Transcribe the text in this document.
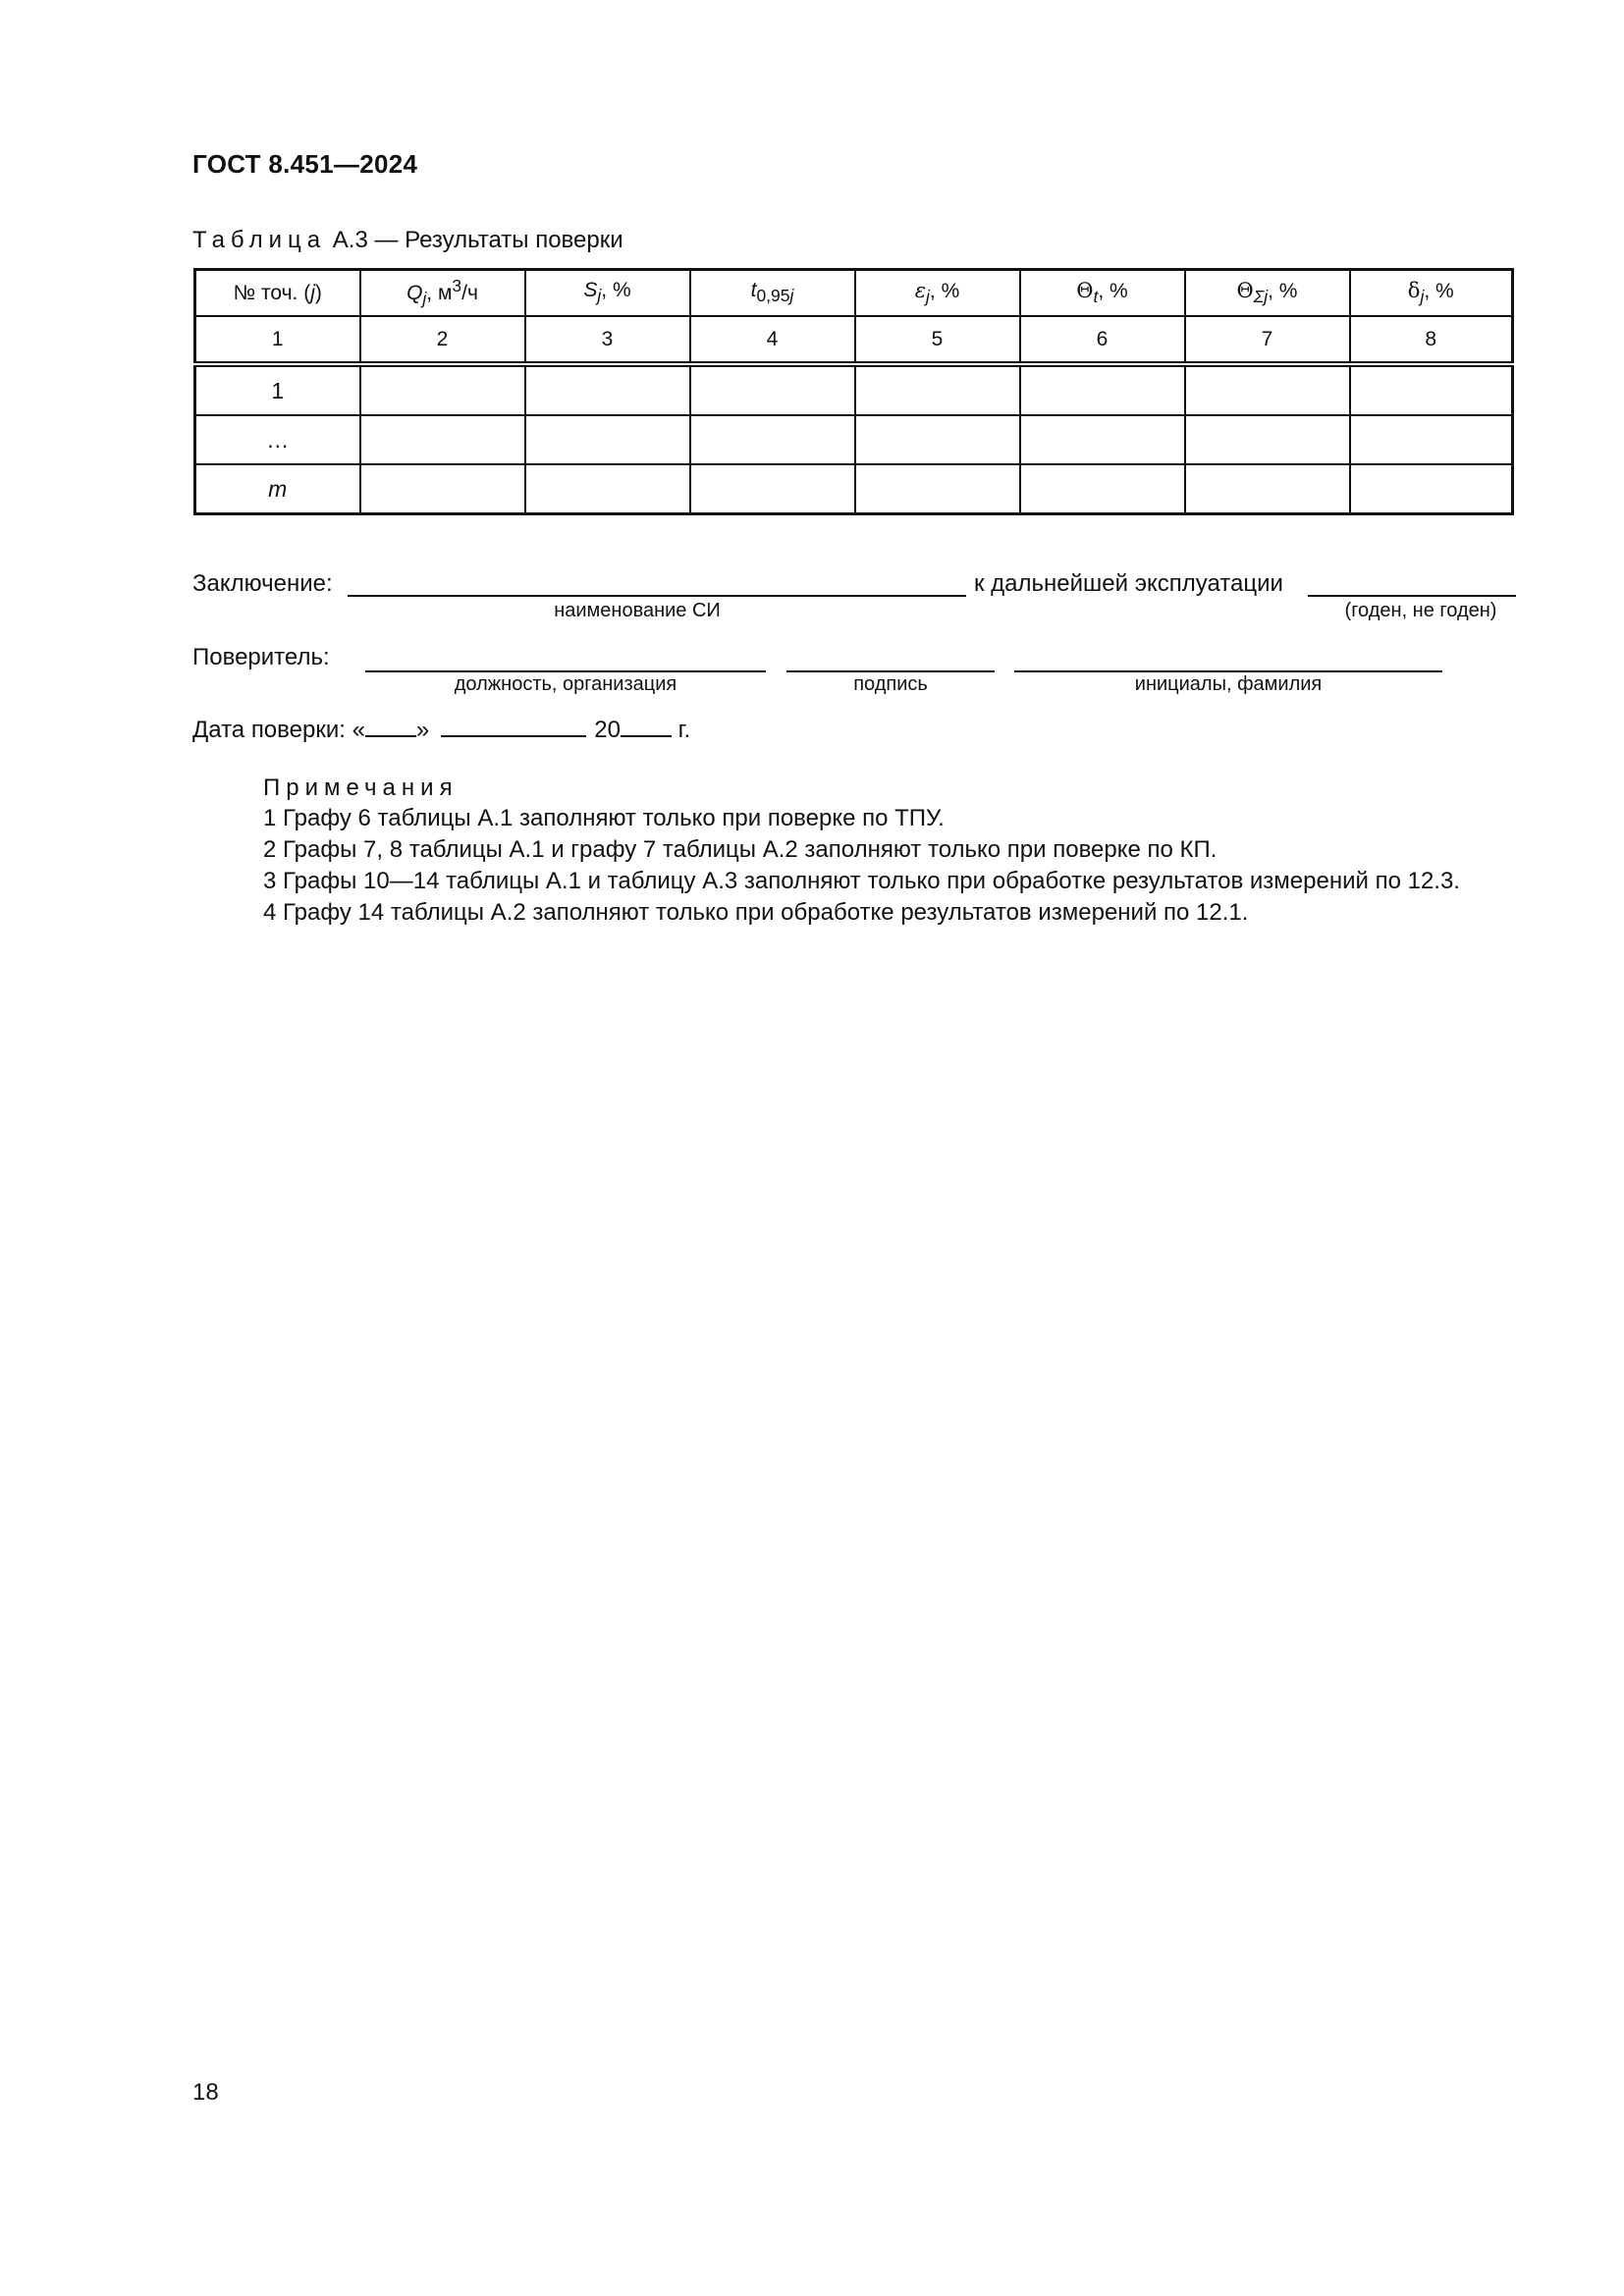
ГОСТ 8.451—2024
Таблица А.3 — Результаты поверки
№ точ. (j)	$Q_j$, $м^3/ч$	$S_j$, %	$t_{0,95j}$	$\varepsilon_j$, %	$\Theta_t$, %	$\Theta_{\Sigma j}$, %	$\delta_j$, %
1	2	3	4	5	6	7	8
1							
…							
m							
Заключение:	к дальнейшей эксплуатации
наименование СИ	(годен, не годен)
Поверитель:
должность, организация	подпись	инициалы, фамилия
Дата поверки: « »	20 г.
Примечания
1 Графу 6 таблицы А.1 заполняют только при поверке по ТПУ.
2 Графы 7, 8 таблицы А.1 и графу 7 таблицы А.2 заполняют только при поверке по КП.
3 Графы 10—14 таблицы А.1 и таблицу А.3 заполняют только при обработке результатов измерений по 12.3.
4 Графу 14 таблицы А.2 заполняют только при обработке результатов измерений по 12.1.
18
